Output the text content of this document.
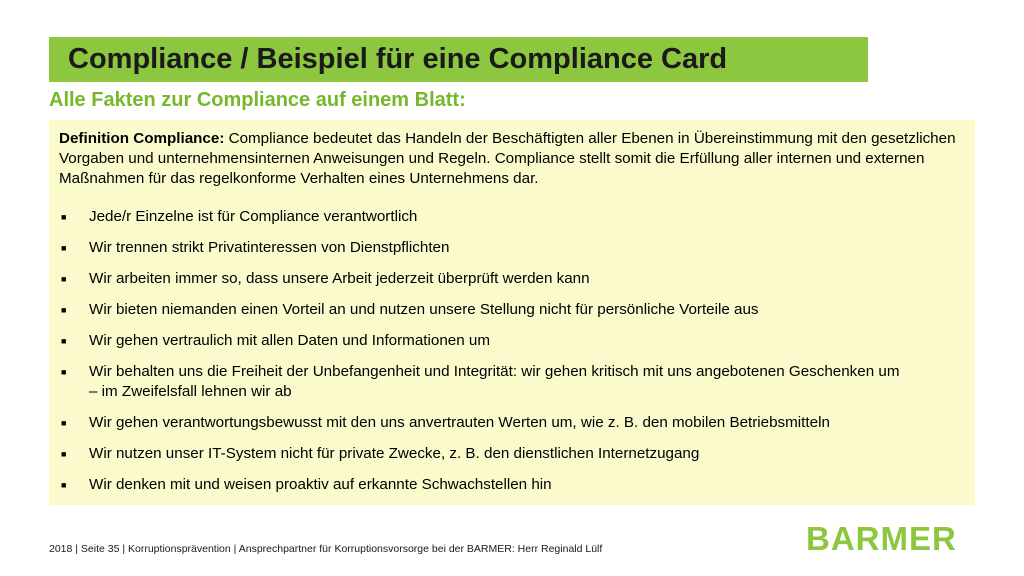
Compliance / Beispiel für eine Compliance Card
Alle Fakten zur Compliance auf einem Blatt:

Definition Compliance: Compliance bedeutet das Handeln der Beschäftigten aller Ebenen in Übereinstimmung mit den gesetzlichen Vorgaben und unternehmensinternen Anweisungen und Regeln. Compliance stellt somit die Erfüllung aller internen und externen Maßnahmen für das regelkonforme Verhalten eines Unternehmens dar.

■	Jede/r Einzelne ist für Compliance verantwortlich
■	Wir trennen strikt Privatinteressen von Dienstpflichten
■	Wir arbeiten immer so, dass unsere Arbeit jederzeit überprüft werden kann
■	Wir bieten niemanden einen Vorteil an und nutzen unsere Stellung nicht für persönliche Vorteile aus
■	Wir gehen vertraulich mit allen Daten und Informationen um
■	Wir behalten uns die Freiheit der Unbefangenheit und Integrität: wir gehen kritisch mit uns angebotenen Geschenken um – im Zweifelsfall lehnen wir ab
■	Wir gehen verantwortungsbewusst mit den uns anvertrauten Werten um, wie z. B. den mobilen Betriebsmitteln
■	Wir nutzen unser IT-System nicht für private Zwecke, z. B. den dienstlichen Internetzugang
■	Wir denken mit und weisen proaktiv auf erkannte Schwachstellen hin
2018 | Seite 35 | Korruptionsprävention | Ansprechpartner für Korruptionsvorsorge bei der BARMER: Herr Reginald Lülf	BARMER
